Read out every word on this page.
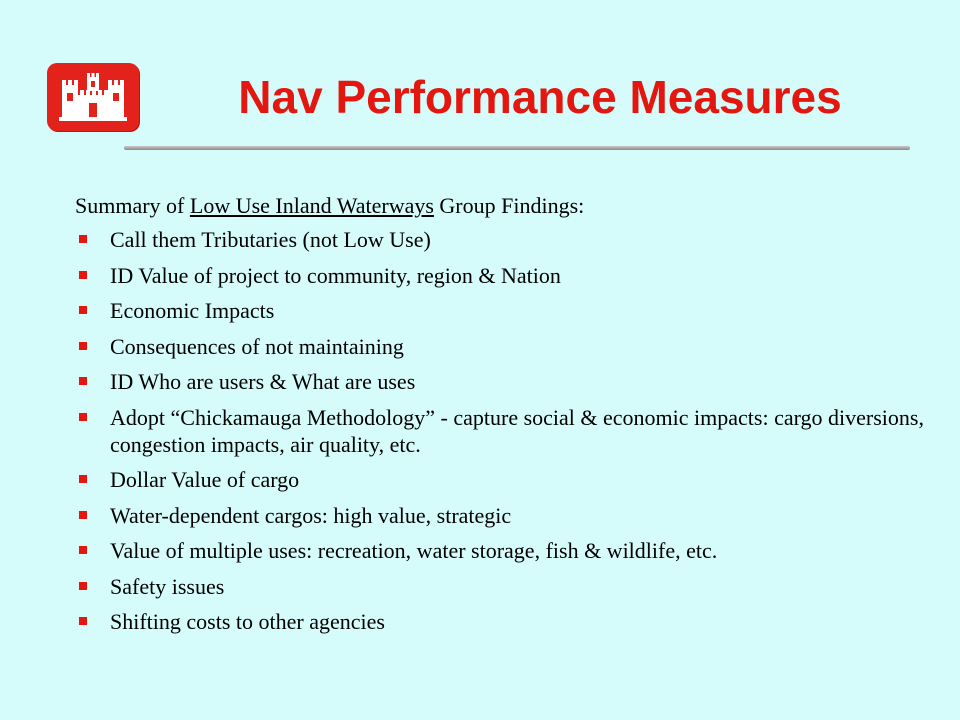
Nav Performance Measures
Summary of Low Use Inland Waterways Group Findings:
Call them Tributaries (not Low Use)
ID Value of project to community, region & Nation
Economic Impacts
Consequences of not maintaining
ID Who are users & What are uses
Adopt “Chickamauga Methodology” - capture social & economic impacts: cargo diversions, congestion impacts, air quality, etc.
Dollar Value of cargo
Water-dependent cargos: high value, strategic
Value of multiple uses: recreation, water storage, fish & wildlife, etc.
Safety issues
Shifting costs to other agencies
